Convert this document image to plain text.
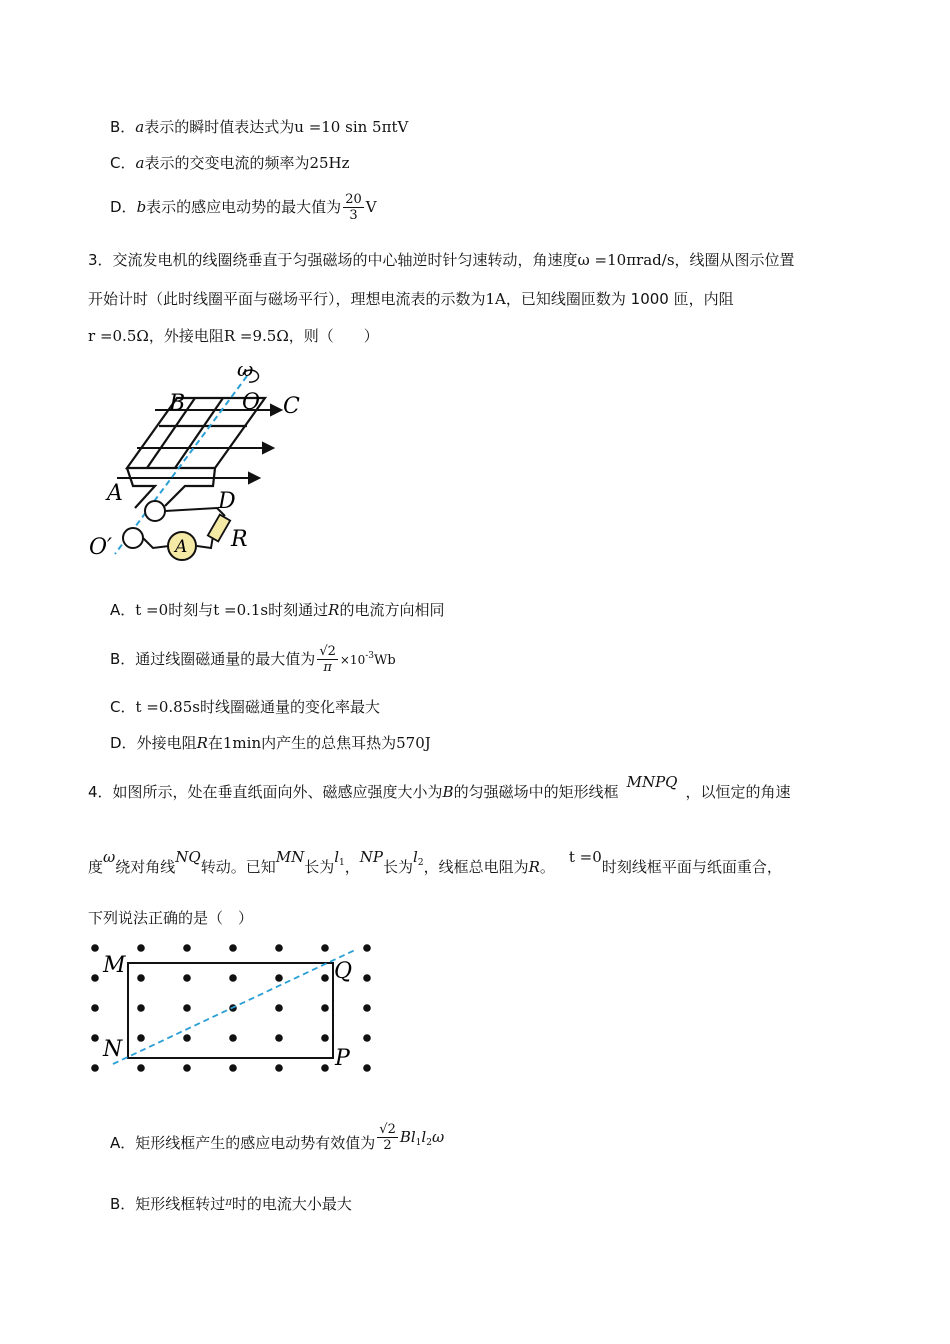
B．a表示的瞬时值表达式为u =10 sin 5πtV
C．a表示的交变电流的频率为25Hz
D．b表示的感应电动势的最大值为 $\frac{20}{3}$ V
3．交流发电机的线圈绕垂直于匀强磁场的中心轴逆时针匀速转动，角速度ω =10πrad/s，线圈从图示位置
开始计时（此时线圈平面与磁场平行），理想电流表的示数为1A，已知线圈匝数为 1000 匝，内阻
r =0.5Ω，外接电阻R =9.5Ω，则（　　）
A
ω
B	O C
A	D
O′	R
A．t =0时刻与t =0.1s时刻通过R的电流方向相同
B．通过线圈磁通量的最大值为 $\frac{√2}{\pi} \times 10^{-3}Wb$
C．t =0.85s时线圈磁通量的变化率最大
D．外接电阻R在1min内产生的总焦耳热为570J
4．如图所示，处在垂直纸面向外、磁感应强度大小为B的匀强磁场中的矩形线框MNPQ，以恒定的角速
度ω绕对角线NQ转动。已知MN长为$l_1$，NP长为$l_2$，线框总电阻为R。t =0时刻线框平面与纸面重合，
下列说法正确的是（　）
M	Q
N	P
A．矩形线框产生的感应电动势有效值为 $\frac{√2}{2} Bl_1l_2\omega$
B．矩形线框转过$^\pi$时的电流大小最大
